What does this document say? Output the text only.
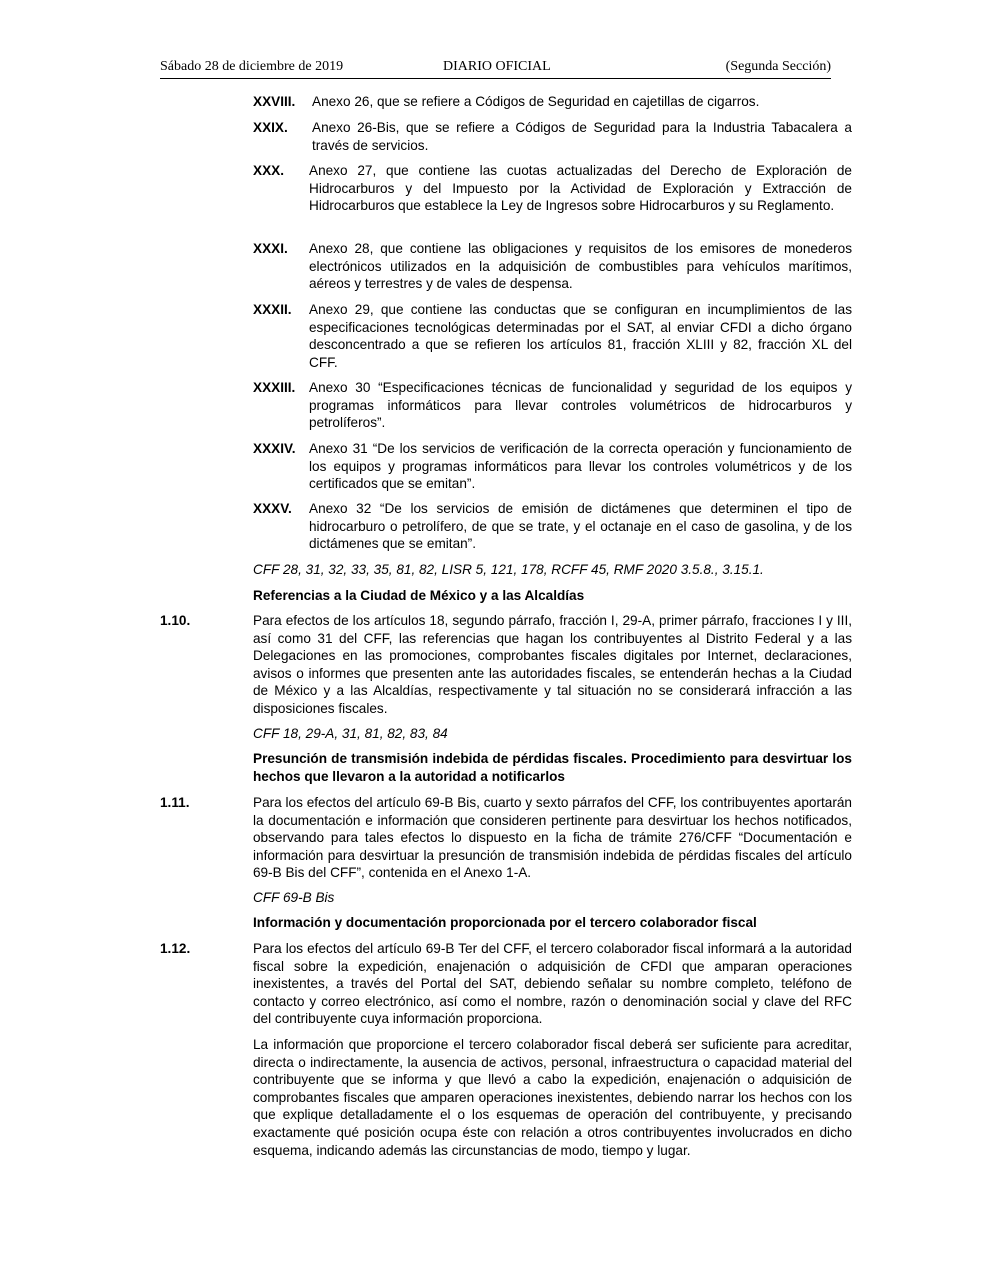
Sábado 28 de diciembre de 2019	DIARIO OFICIAL	(Segunda Sección)
XXVIII.	Anexo 26, que se refiere a Códigos de Seguridad en cajetillas de cigarros.
XXIX.	Anexo 26-Bis, que se refiere a Códigos de Seguridad para la Industria Tabacalera a través de servicios.
XXX.	Anexo 27, que contiene las cuotas actualizadas del Derecho de Exploración de Hidrocarburos y del Impuesto por la Actividad de Exploración y Extracción de Hidrocarburos que establece la Ley de Ingresos sobre Hidrocarburos y su Reglamento.
XXXI.	Anexo 28, que contiene las obligaciones y requisitos de los emisores de monederos electrónicos utilizados en la adquisición de combustibles para vehículos marítimos, aéreos y terrestres y de vales de despensa.
XXXII.	Anexo 29, que contiene las conductas que se configuran en incumplimientos de las especificaciones tecnológicas determinadas por el SAT, al enviar CFDI a dicho órgano desconcentrado a que se refieren los artículos 81, fracción XLIII y 82, fracción XL del CFF.
XXXIII.	Anexo 30 “Especificaciones técnicas de funcionalidad y seguridad de los equipos y programas informáticos para llevar controles volumétricos de hidrocarburos y petrolíferos”.
XXXIV. Anexo 31 “De los servicios de verificación de la correcta operación y funcionamiento de los equipos y programas informáticos para llevar los controles volumétricos y de los certificados que se emitan”.
XXXV.	Anexo 32 “De los servicios de emisión de dictámenes que determinen el tipo de hidrocarburo o petrolífero, de que se trate, y el octanaje en el caso de gasolina, y de los dictámenes que se emitan”.
CFF 28, 31, 32, 33, 35, 81, 82, LISR 5, 121, 178, RCFF 45, RMF 2020 3.5.8., 3.15.1.
Referencias a la Ciudad de México y a las Alcaldías
1.10.	Para efectos de los artículos 18, segundo párrafo, fracción I, 29-A, primer párrafo, fracciones I y III, así como 31 del CFF, las referencias que hagan los contribuyentes al Distrito Federal y a las Delegaciones en las promociones, comprobantes fiscales digitales por Internet, declaraciones, avisos o informes que presenten ante las autoridades fiscales, se entenderán hechas a la Ciudad de México y a las Alcaldías, respectivamente y tal situación no se considerará infracción a las disposiciones fiscales.
CFF 18, 29-A, 31, 81, 82, 83, 84
Presunción de transmisión indebida de pérdidas fiscales. Procedimiento para desvirtuar los hechos que llevaron a la autoridad a notificarlos
1.11.	Para los efectos del artículo 69-B Bis, cuarto y sexto párrafos del CFF, los contribuyentes aportarán la documentación e información que consideren pertinente para desvirtuar los hechos notificados, observando para tales efectos lo dispuesto en la ficha de trámite 276/CFF “Documentación e información para desvirtuar la presunción de transmisión indebida de pérdidas fiscales del artículo 69-B Bis del CFF”, contenida en el Anexo 1-A.
CFF 69-B Bis
Información y documentación proporcionada por el tercero colaborador fiscal
1.12.	Para los efectos del artículo 69-B Ter del CFF, el tercero colaborador fiscal informará a la autoridad fiscal sobre la expedición, enajenación o adquisición de CFDI que amparan operaciones inexistentes, a través del Portal del SAT, debiendo señalar su nombre completo, teléfono de contacto y correo electrónico, así como el nombre, razón o denominación social y clave del RFC del contribuyente cuya información proporciona.
La información que proporcione el tercero colaborador fiscal deberá ser suficiente para acreditar, directa o indirectamente, la ausencia de activos, personal, infraestructura o capacidad material del contribuyente que se informa y que llevó a cabo la expedición, enajenación o adquisición de comprobantes fiscales que amparen operaciones inexistentes, debiendo narrar los hechos con los que explique detalladamente el o los esquemas de operación del contribuyente, y precisando exactamente qué posición ocupa éste con relación a otros contribuyentes involucrados en dicho esquema, indicando además las circunstancias de modo, tiempo y lugar.
